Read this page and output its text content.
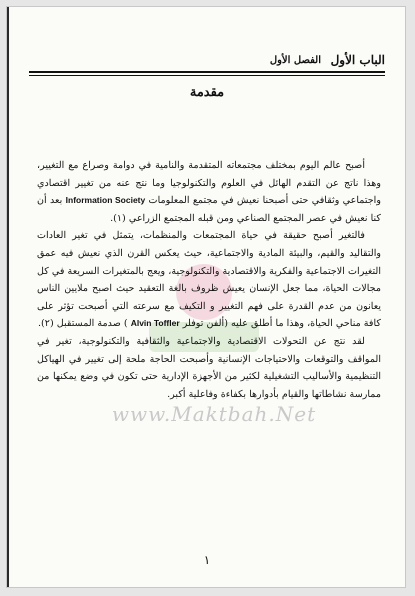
الباب الأول
الفصل الأول
مقدمة
www.Maktbah.Net

أصبح عالم اليوم بمختلف مجتمعاته المتقدمة والنامية في دوامة وصراع مع التغيير، وهذا ناتج عن التقدم الهائل في العلوم والتكنولوجيا وما نتج عنه من تغيير اقتصادي واجتماعي وثقافي حتى أصبحنا نعيش في مجتمع المعلومات Information Society بعد أن كنا نعيش في عصر المجتمع الصناعي ومن قبله المجتمع الزراعي (١).

فالتغير أصبح حقيقة في حياة المجتمعات والمنظمات، يتمثل في تغير العادات والتقاليد والقيم، والبيئة المادية والاجتماعية، حيث يعكس القرن الذي نعيش فيه عمق التغيرات الاجتماعية والفكرية والاقتصادية والتكنولوجية، ويعج بالمتغيرات السريعة في كل مجالات الحياة، مما جعل الإنسان يعيش ظروف بالغة التعقيد حيث اصبح ملايين الناس يعانون من عدم القدرة على فهم التغيير و التكيف مع سرعته التي أصبحت تؤثر على كافة مناحي الحياة، وهذا ما أطلق عليه (ألفن توفلر Alvin Toffler ) صدمة المستقبل (٢).

لقد نتج عن التحولات الاقتصادية والاجتماعية والثقافية والتكنولوجية، تغير في المواقف والتوقعات والاحتياجات الإنسانية وأصبحت الحاجة ملحة إلى تغيير في الهياكل التنظيمية والأساليب التشغيلية لكثير من الأجهزة الإدارية حتى تكون في وضع يمكنها من ممارسة نشاطاتها والقيام بأدوارها بكفاءة وفاعلية أكبر.

١
